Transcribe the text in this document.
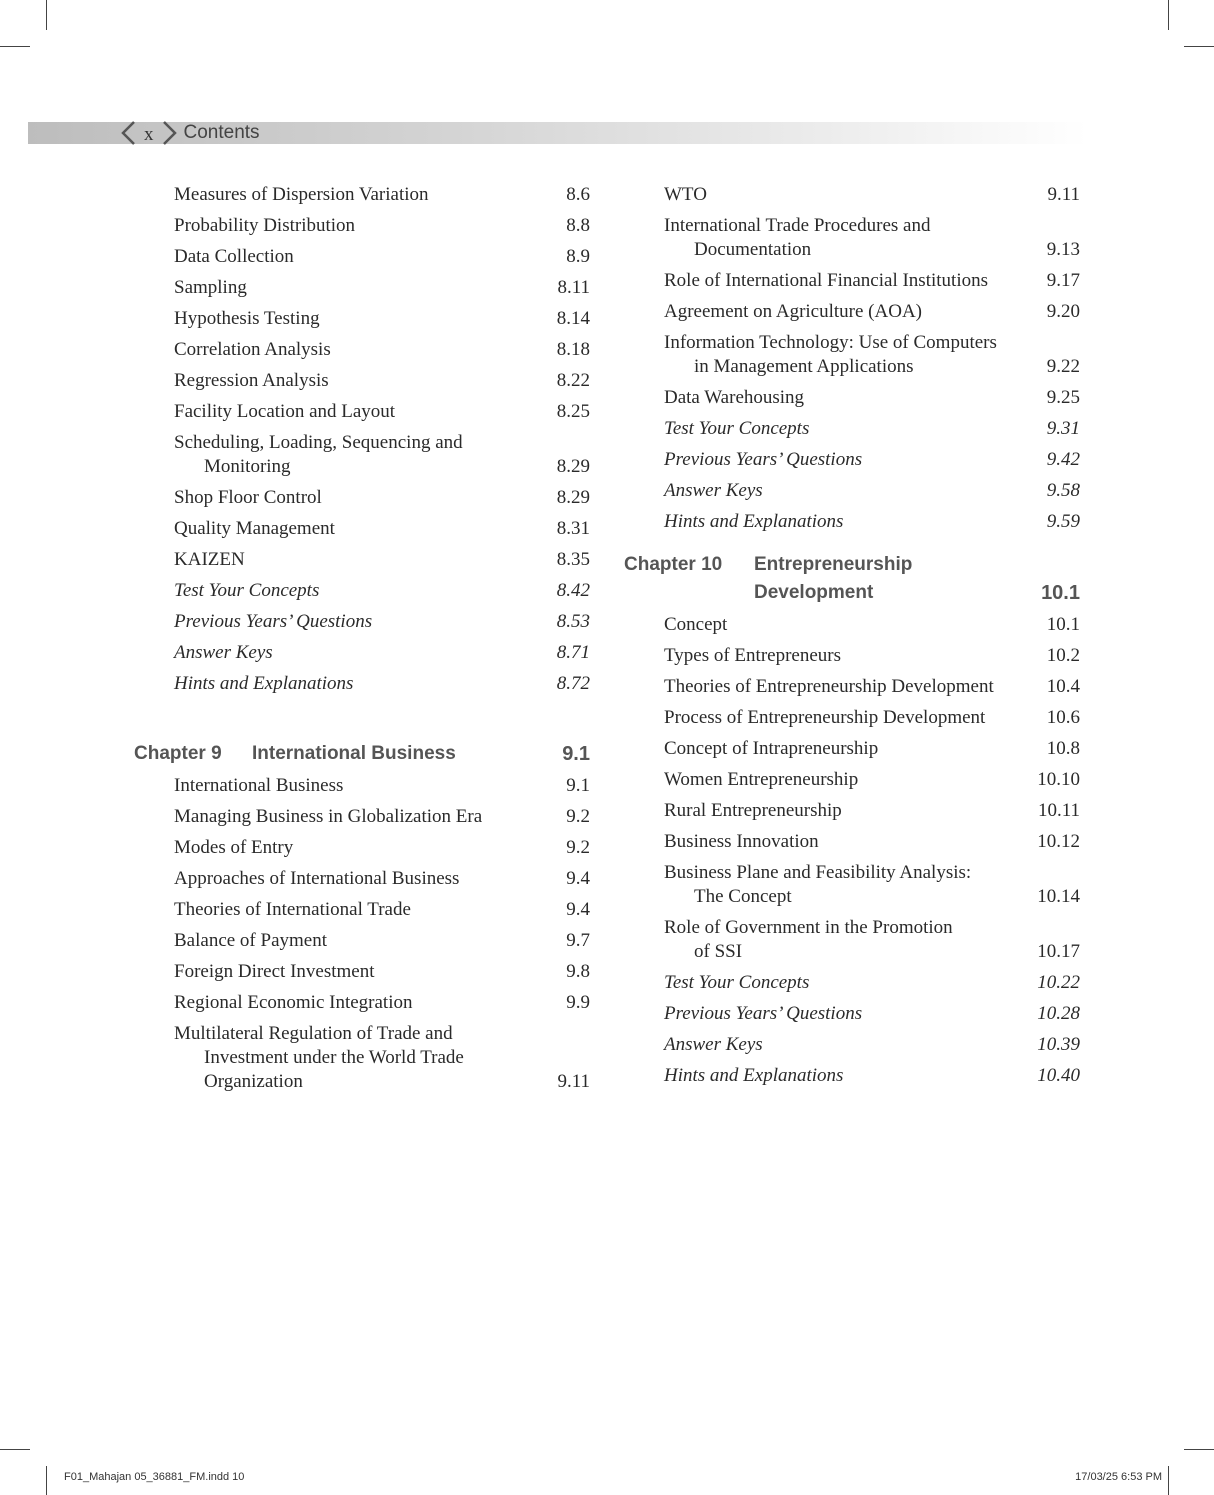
x Contents
Measures of Dispersion Variation	8.6
Probability Distribution	8.8
Data Collection	8.9
Sampling	8.11
Hypothesis Testing	8.14
Correlation Analysis	8.18
Regression Analysis	8.22
Facility Location and Layout	8.25
Scheduling, Loading, Sequencing and
Monitoring	8.29
Shop Floor Control	8.29
Quality Management	8.31
KAIZEN	8.35
Test Your Concepts	8.42
Previous Years’ Questions	8.53
Answer Keys	8.71
Hints and Explanations	8.72
Chapter 9	International Business	9.1
International Business	9.1
Managing Business in Globalization Era	9.2
Modes of Entry	9.2
Approaches of International Business	9.4
Theories of International Trade	9.4
Balance of Payment	9.7
Foreign Direct Investment	9.8
Regional Economic Integration	9.9
Multilateral Regulation of Trade and
Investment under the World Trade
Organization	9.11
WTO	9.11
International Trade Procedures and
Documentation	9.13
Role of International Financial Institutions	9.17
Agreement on Agriculture (AOA)	9.20
Information Technology: Use of Computers
in Management Applications	9.22
Data Warehousing	9.25
Test Your Concepts	9.31
Previous Years’ Questions	9.42
Answer Keys	9.58
Hints and Explanations	9.59
Chapter 10	Entrepreneurship
Development	10.1
Concept	10.1
Types of Entrepreneurs	10.2
Theories of Entrepreneurship Development	10.4
Process of Entrepreneurship Development	10.6
Concept of Intrapreneurship	10.8
Women Entrepreneurship	10.10
Rural Entrepreneurship	10.11
Business Innovation	10.12
Business Plane and Feasibility Analysis:
The Concept	10.14
Role of Government in the Promotion
of SSI	10.17
Test Your Concepts	10.22
Previous Years’ Questions	10.28
Answer Keys	10.39
Hints and Explanations	10.40
F01_Mahajan 05_36881_FM.indd 10	17/03/25 6:53 PM
